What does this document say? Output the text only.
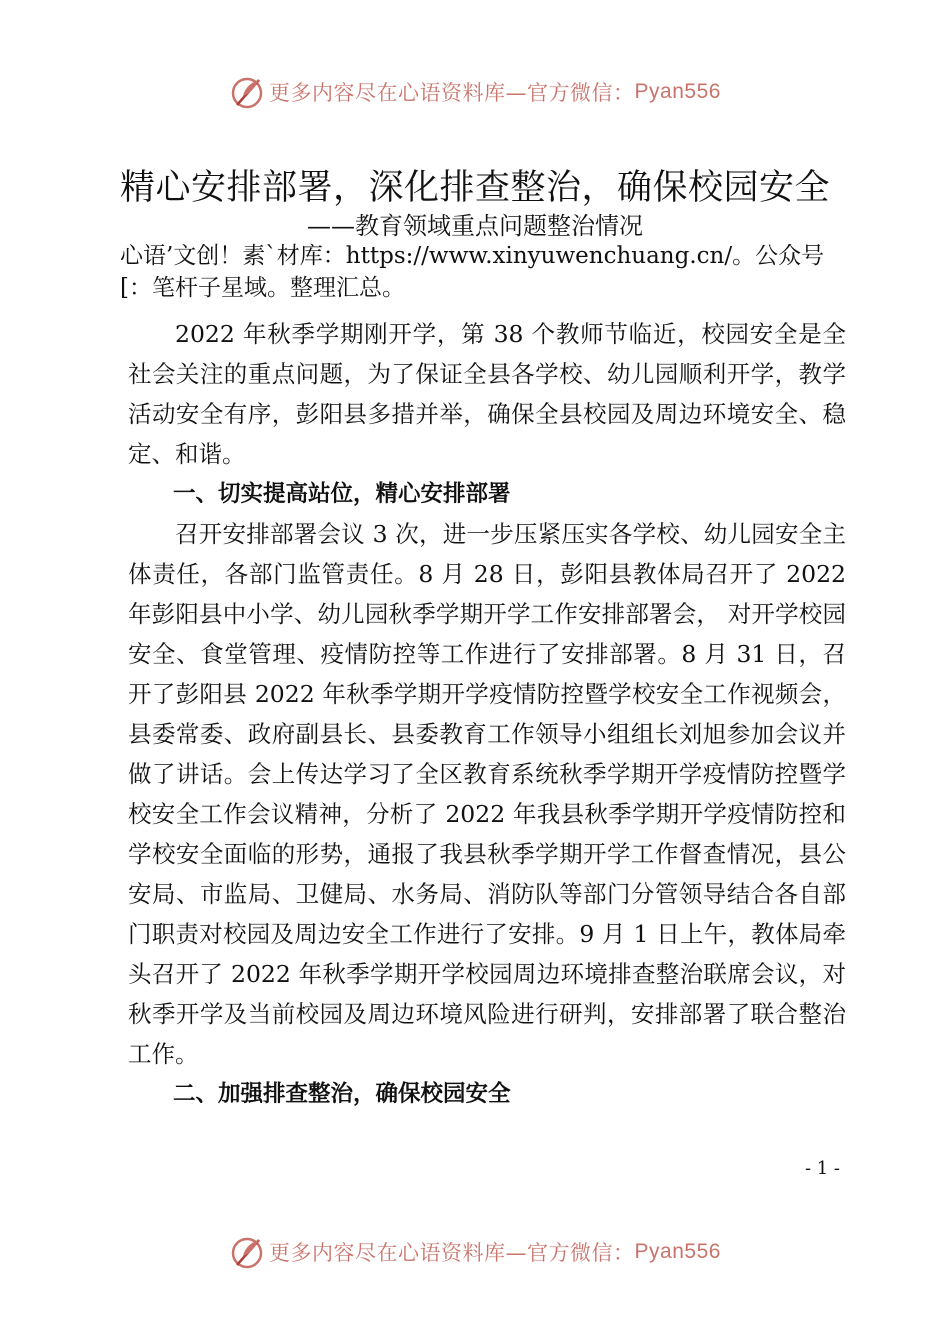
更多内容尽在心语资料库—官方微信： Pyan556
精心安排部署，深化排查整治，确保校园安全
——教育领域重点问题整治情况
心语’文创！素`材库：https://www.xinyuwenchuang.cn/。公众号[：笔杆子星域。整理汇总。

2022 年秋季学期刚开学，第 38 个教师节临近，校园安全是全社会关注的重点问题，为了保证全县各学校、幼儿园顺利开学，教学活动安全有序，彭阳县多措并举，确保全县校园及周边环境安全、稳定、和谐。

一、切实提高站位，精心安排部署

召开安排部署会议 3 次，进一步压紧压实各学校、幼儿园安全主体责任，各部门监管责任。8 月 28 日，彭阳县教体局召开了 2022 年彭阳县中小学、幼儿园秋季学期开学工作安排部署会， 对开学校园安全、食堂管理、疫情防控等工作进行了安排部署。8 月 31 日，召开了彭阳县 2022 年秋季学期开学疫情防控暨学校安全工作视频会，县委常委、政府副县长、县委教育工作领导小组组长刘旭参加会议并做了讲话。会上传达学习了全区教育系统秋季学期开学疫情防控暨学校安全工作会议精神，分析了 2022 年我县秋季学期开学疫情防控和学校安全面临的形势，通报了我县秋季学期开学工作督查情况，县公安局、市监局、卫健局、水务局、消防队等部门分管领导结合各自部门职责对校园及周边安全工作进行了安排。9 月 1 日上午，教体局牵头召开了 2022 年秋季学期开学校园周边环境排查整治联席会议，对秋季开学及当前校园及周边环境风险进行研判，安排部署了联合整治工作。

二、加强排查整治，确保校园安全

- 1 -
更多内容尽在心语资料库—官方微信： Pyan556
